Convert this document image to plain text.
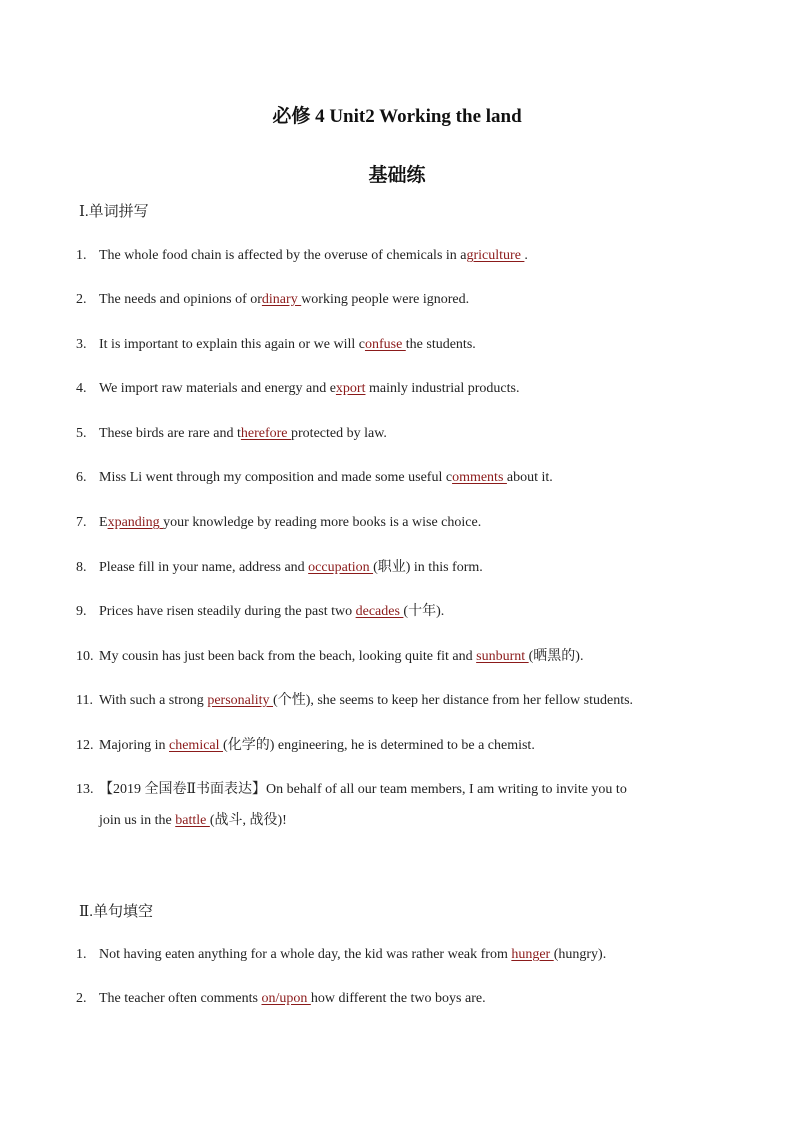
必修 4 Unit2 Working the land
基础练
Ⅰ.单词拼写
1. The whole food chain is affected by the overuse of chemicals in agriculture .
2. The needs and opinions of ordinary working people were ignored.
3. It is important to explain this again or we will confuse the students.
4. We import raw materials and energy and export mainly industrial products.
5. These birds are rare and therefore protected by law.
6. Miss Li went through my composition and made some useful comments about it.
7. Expanding your knowledge by reading more books is a wise choice.
8. Please fill in your name, address and occupation (职业) in this form.
9. Prices have risen steadily during the past two decades (十年).
10. My cousin has just been back from the beach, looking quite fit and sunburnt (晒黑的).
11. With such a strong personality (个性), she seems to keep her distance from her fellow students.
12. Majoring in chemical (化学的) engineering, he is determined to be a chemist.
13. 【2019 全国卷Ⅱ书面表达】On behalf of all our team members, I am writing to invite you to
join us in the battle (战斗, 战役)!
Ⅱ.单句填空
1. Not having eaten anything for a whole day, the kid was rather weak from hunger (hungry).
2. The teacher often comments on/upon how different the two boys are.
